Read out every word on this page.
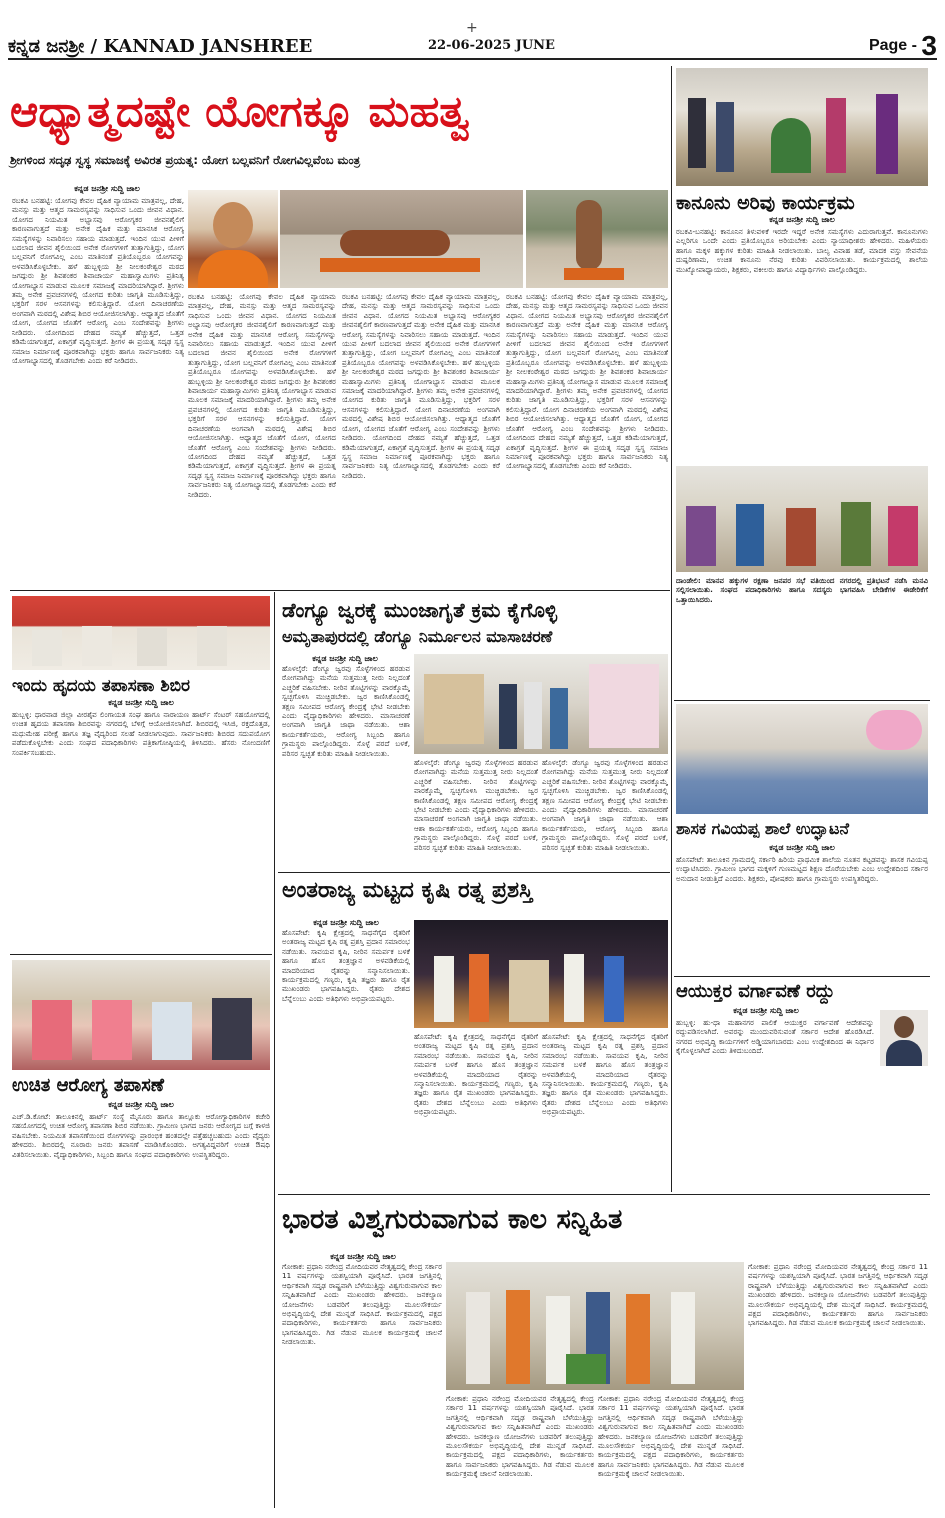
+
ಕನ್ನಡ ಜನಶ್ರೀ / KANNAD JANSHREE	22-06-2025 JUNE	Page - 3
ಆಧ್ಯಾತ್ಮದಷ್ಟೇ ಯೋಗಕ್ಕೂ ಮಹತ್ವ
ಶ್ರೀಗಳಿಂದ ಸದೃಢ ಸ್ವಸ್ಥ ಸಮಾಜಕ್ಕೆ ಅವಿರತ ಪ್ರಯತ್ನ: ಯೋಗ ಬಲ್ಲವನಿಗೆ ರೋಗವಿಲ್ಲವೆಂಬ ಮಂತ್ರ
ಕನ್ನಡ ಜನಶ್ರೀ ಸುದ್ದಿ ಜಾಲ
ರಬಕವಿ ಬನಹಟ್ಟಿ: ಯೋಗವು ಕೇವಲ ದೈಹಿಕ ವ್ಯಾಯಾಮ ಮಾತ್ರವಲ್ಲ, ದೇಹ, ಮನಸ್ಸು ಮತ್ತು ಆತ್ಮದ ಸಾಮರಸ್ಯವನ್ನು ಸಾಧಿಸುವ ಒಂದು ಜೀವನ ವಿಧಾನ. ಯೋಗದ ನಿಯಮಿತ ಅಭ್ಯಾಸವು ಆರೋಗ್ಯಕರ ಜೀವನಶೈಲಿಗೆ ಕಾರಣವಾಗುತ್ತದೆ ಮತ್ತು ಅನೇಕ ದೈಹಿಕ ಮತ್ತು ಮಾನಸಿಕ ಆರೋಗ್ಯ ಸಮಸ್ಯೆಗಳನ್ನು ನಿವಾರಿಸಲು ಸಹಾಯ ಮಾಡುತ್ತದೆ. ಇಂದಿನ ಯುವ ಪೀಳಿಗೆ ಬದಲಾದ ಜೀವನ ಶೈಲಿಯಿಂದ ಅನೇಕ ರೋಗಗಳಿಗೆ ತುತ್ತಾಗುತ್ತಿದ್ದು, ಯೋಗ ಬಲ್ಲವನಿಗೆ ರೋಗವಿಲ್ಲ ಎಂಬ ಮಾತಿನಂತೆ ಪ್ರತಿಯೊಬ್ಬರೂ ಯೋಗವನ್ನು ಅಳವಡಿಸಿಕೊಳ್ಳಬೇಕು. ಹಳೆ ಹುಬ್ಬಳ್ಳಿಯ ಶ್ರೀ ನೀಲಕಂಠೇಶ್ವರ ಮಠದ ಜಗದ್ಗುರು ಶ್ರೀ ಶಿವಶಂಕರ ಶಿವಾಚಾರ್ಯ ಮಹಾಸ್ವಾಮಿಗಳು ಪ್ರತಿನಿತ್ಯ ಯೋಗಾಭ್ಯಾಸ ಮಾಡುವ ಮೂಲಕ ಸಮಾಜಕ್ಕೆ ಮಾದರಿಯಾಗಿದ್ದಾರೆ. ಶ್ರೀಗಳು ತಮ್ಮ ಅನೇಕ ಪ್ರವಚನಗಳಲ್ಲಿ ಯೋಗದ ಕುರಿತು ಜಾಗೃತಿ ಮೂಡಿಸುತ್ತಿದ್ದು, ಭಕ್ತರಿಗೆ ಸರಳ ಆಸನಗಳನ್ನು ಕಲಿಸುತ್ತಿದ್ದಾರೆ. ಯೋಗ ದಿನಾಚರಣೆಯ ಅಂಗವಾಗಿ ಮಠದಲ್ಲಿ ವಿಶೇಷ ಶಿಬಿರ ಆಯೋಜಿಸಲಾಗಿತ್ತು. ಆಧ್ಯಾತ್ಮದ ಜೊತೆಗೆ ಯೋಗ, ಯೋಗದ ಜೊತೆಗೆ ಆರೋಗ್ಯ ಎಂಬ ಸಂದೇಶವನ್ನು ಶ್ರೀಗಳು ನೀಡಿದರು. ಯೋಗದಿಂದ ದೇಹದ ನಮ್ಯತೆ ಹೆಚ್ಚುತ್ತದೆ, ಒತ್ತಡ ಕಡಿಮೆಯಾಗುತ್ತದೆ, ಏಕಾಗ್ರತೆ ವೃದ್ಧಿಸುತ್ತದೆ. ಶ್ರೀಗಳ ಈ ಪ್ರಯತ್ನ ಸದೃಢ ಸ್ವಸ್ಥ ಸಮಾಜ ನಿರ್ಮಾಣಕ್ಕೆ ಪೂರಕವಾಗಿದ್ದು ಭಕ್ತರು ಹಾಗೂ ಸಾರ್ವಜನಿಕರು ನಿತ್ಯ ಯೋಗಾಭ್ಯಾಸದಲ್ಲಿ ತೊಡಗಬೇಕು ಎಂದು ಕರೆ ನೀಡಿದರು.
ರಬಕವಿ ಬನಹಟ್ಟಿ: ಯೋಗವು ಕೇವಲ ದೈಹಿಕ ವ್ಯಾಯಾಮ ಮಾತ್ರವಲ್ಲ, ದೇಹ, ಮನಸ್ಸು ಮತ್ತು ಆತ್ಮದ ಸಾಮರಸ್ಯವನ್ನು ಸಾಧಿಸುವ ಒಂದು ಜೀವನ ವಿಧಾನ. ಯೋಗದ ನಿಯಮಿತ ಅಭ್ಯಾಸವು ಆರೋಗ್ಯಕರ ಜೀವನಶೈಲಿಗೆ ಕಾರಣವಾಗುತ್ತದೆ ಮತ್ತು ಅನೇಕ ದೈಹಿಕ ಮತ್ತು ಮಾನಸಿಕ ಆರೋಗ್ಯ ಸಮಸ್ಯೆಗಳನ್ನು ನಿವಾರಿಸಲು ಸಹಾಯ ಮಾಡುತ್ತದೆ. ಇಂದಿನ ಯುವ ಪೀಳಿಗೆ ಬದಲಾದ ಜೀವನ ಶೈಲಿಯಿಂದ ಅನೇಕ ರೋಗಗಳಿಗೆ ತುತ್ತಾಗುತ್ತಿದ್ದು, ಯೋಗ ಬಲ್ಲವನಿಗೆ ರೋಗವಿಲ್ಲ ಎಂಬ ಮಾತಿನಂತೆ ಪ್ರತಿಯೊಬ್ಬರೂ ಯೋಗವನ್ನು ಅಳವಡಿಸಿಕೊಳ್ಳಬೇಕು. ಹಳೆ ಹುಬ್ಬಳ್ಳಿಯ ಶ್ರೀ ನೀಲಕಂಠೇಶ್ವರ ಮಠದ ಜಗದ್ಗುರು ಶ್ರೀ ಶಿವಶಂಕರ ಶಿವಾಚಾರ್ಯ ಮಹಾಸ್ವಾಮಿಗಳು ಪ್ರತಿನಿತ್ಯ ಯೋಗಾಭ್ಯಾಸ ಮಾಡುವ ಮೂಲಕ ಸಮಾಜಕ್ಕೆ ಮಾದರಿಯಾಗಿದ್ದಾರೆ. ಶ್ರೀಗಳು ತಮ್ಮ ಅನೇಕ ಪ್ರವಚನಗಳಲ್ಲಿ ಯೋಗದ ಕುರಿತು ಜಾಗೃತಿ ಮೂಡಿಸುತ್ತಿದ್ದು, ಭಕ್ತರಿಗೆ ಸರಳ ಆಸನಗಳನ್ನು ಕಲಿಸುತ್ತಿದ್ದಾರೆ. ಯೋಗ ದಿನಾಚರಣೆಯ ಅಂಗವಾಗಿ ಮಠದಲ್ಲಿ ವಿಶೇಷ ಶಿಬಿರ ಆಯೋಜಿಸಲಾಗಿತ್ತು. ಆಧ್ಯಾತ್ಮದ ಜೊತೆಗೆ ಯೋಗ, ಯೋಗದ ಜೊತೆಗೆ ಆರೋಗ್ಯ ಎಂಬ ಸಂದೇಶವನ್ನು ಶ್ರೀಗಳು ನೀಡಿದರು. ಯೋಗದಿಂದ ದೇಹದ ನಮ್ಯತೆ ಹೆಚ್ಚುತ್ತದೆ, ಒತ್ತಡ ಕಡಿಮೆಯಾಗುತ್ತದೆ, ಏಕಾಗ್ರತೆ ವೃದ್ಧಿಸುತ್ತದೆ. ಶ್ರೀಗಳ ಈ ಪ್ರಯತ್ನ ಸದೃಢ ಸ್ವಸ್ಥ ಸಮಾಜ ನಿರ್ಮಾಣಕ್ಕೆ ಪೂರಕವಾಗಿದ್ದು ಭಕ್ತರು ಹಾಗೂ ಸಾರ್ವಜನಿಕರು ನಿತ್ಯ ಯೋಗಾಭ್ಯಾಸದಲ್ಲಿ ತೊಡಗಬೇಕು ಎಂದು ಕರೆ ನೀಡಿದರು.
ರಬಕವಿ ಬನಹಟ್ಟಿ: ಯೋಗವು ಕೇವಲ ದೈಹಿಕ ವ್ಯಾಯಾಮ ಮಾತ್ರವಲ್ಲ, ದೇಹ, ಮನಸ್ಸು ಮತ್ತು ಆತ್ಮದ ಸಾಮರಸ್ಯವನ್ನು ಸಾಧಿಸುವ ಒಂದು ಜೀವನ ವಿಧಾನ. ಯೋಗದ ನಿಯಮಿತ ಅಭ್ಯಾಸವು ಆರೋಗ್ಯಕರ ಜೀವನಶೈಲಿಗೆ ಕಾರಣವಾಗುತ್ತದೆ ಮತ್ತು ಅನೇಕ ದೈಹಿಕ ಮತ್ತು ಮಾನಸಿಕ ಆರೋಗ್ಯ ಸಮಸ್ಯೆಗಳನ್ನು ನಿವಾರಿಸಲು ಸಹಾಯ ಮಾಡುತ್ತದೆ. ಇಂದಿನ ಯುವ ಪೀಳಿಗೆ ಬದಲಾದ ಜೀವನ ಶೈಲಿಯಿಂದ ಅನೇಕ ರೋಗಗಳಿಗೆ ತುತ್ತಾಗುತ್ತಿದ್ದು, ಯೋಗ ಬಲ್ಲವನಿಗೆ ರೋಗವಿಲ್ಲ ಎಂಬ ಮಾತಿನಂತೆ ಪ್ರತಿಯೊಬ್ಬರೂ ಯೋಗವನ್ನು ಅಳವಡಿಸಿಕೊಳ್ಳಬೇಕು. ಹಳೆ ಹುಬ್ಬಳ್ಳಿಯ ಶ್ರೀ ನೀಲಕಂಠೇಶ್ವರ ಮಠದ ಜಗದ್ಗುರು ಶ್ರೀ ಶಿವಶಂಕರ ಶಿವಾಚಾರ್ಯ ಮಹಾಸ್ವಾಮಿಗಳು ಪ್ರತಿನಿತ್ಯ ಯೋಗಾಭ್ಯಾಸ ಮಾಡುವ ಮೂಲಕ ಸಮಾಜಕ್ಕೆ ಮಾದರಿಯಾಗಿದ್ದಾರೆ. ಶ್ರೀಗಳು ತಮ್ಮ ಅನೇಕ ಪ್ರವಚನಗಳಲ್ಲಿ ಯೋಗದ ಕುರಿತು ಜಾಗೃತಿ ಮೂಡಿಸುತ್ತಿದ್ದು, ಭಕ್ತರಿಗೆ ಸರಳ ಆಸನಗಳನ್ನು ಕಲಿಸುತ್ತಿದ್ದಾರೆ. ಯೋಗ ದಿನಾಚರಣೆಯ ಅಂಗವಾಗಿ ಮಠದಲ್ಲಿ ವಿಶೇಷ ಶಿಬಿರ ಆಯೋಜಿಸಲಾಗಿತ್ತು. ಆಧ್ಯಾತ್ಮದ ಜೊತೆಗೆ ಯೋಗ, ಯೋಗದ ಜೊತೆಗೆ ಆರೋಗ್ಯ ಎಂಬ ಸಂದೇಶವನ್ನು ಶ್ರೀಗಳು ನೀಡಿದರು. ಯೋಗದಿಂದ ದೇಹದ ನಮ್ಯತೆ ಹೆಚ್ಚುತ್ತದೆ, ಒತ್ತಡ ಕಡಿಮೆಯಾಗುತ್ತದೆ, ಏಕಾಗ್ರತೆ ವೃದ್ಧಿಸುತ್ತದೆ. ಶ್ರೀಗಳ ಈ ಪ್ರಯತ್ನ ಸದೃಢ ಸ್ವಸ್ಥ ಸಮಾಜ ನಿರ್ಮಾಣಕ್ಕೆ ಪೂರಕವಾಗಿದ್ದು ಭಕ್ತರು ಹಾಗೂ ಸಾರ್ವಜನಿಕರು ನಿತ್ಯ ಯೋಗಾಭ್ಯಾಸದಲ್ಲಿ ತೊಡಗಬೇಕು ಎಂದು ಕರೆ ನೀಡಿದರು.
ರಬಕವಿ ಬನಹಟ್ಟಿ: ಯೋಗವು ಕೇವಲ ದೈಹಿಕ ವ್ಯಾಯಾಮ ಮಾತ್ರವಲ್ಲ, ದೇಹ, ಮನಸ್ಸು ಮತ್ತು ಆತ್ಮದ ಸಾಮರಸ್ಯವನ್ನು ಸಾಧಿಸುವ ಒಂದು ಜೀವನ ವಿಧಾನ. ಯೋಗದ ನಿಯಮಿತ ಅಭ್ಯಾಸವು ಆರೋಗ್ಯಕರ ಜೀವನಶೈಲಿಗೆ ಕಾರಣವಾಗುತ್ತದೆ ಮತ್ತು ಅನೇಕ ದೈಹಿಕ ಮತ್ತು ಮಾನಸಿಕ ಆರೋಗ್ಯ ಸಮಸ್ಯೆಗಳನ್ನು ನಿವಾರಿಸಲು ಸಹಾಯ ಮಾಡುತ್ತದೆ. ಇಂದಿನ ಯುವ ಪೀಳಿಗೆ ಬದಲಾದ ಜೀವನ ಶೈಲಿಯಿಂದ ಅನೇಕ ರೋಗಗಳಿಗೆ ತುತ್ತಾಗುತ್ತಿದ್ದು, ಯೋಗ ಬಲ್ಲವನಿಗೆ ರೋಗವಿಲ್ಲ ಎಂಬ ಮಾತಿನಂತೆ ಪ್ರತಿಯೊಬ್ಬರೂ ಯೋಗವನ್ನು ಅಳವಡಿಸಿಕೊಳ್ಳಬೇಕು. ಹಳೆ ಹುಬ್ಬಳ್ಳಿಯ ಶ್ರೀ ನೀಲಕಂಠೇಶ್ವರ ಮಠದ ಜಗದ್ಗುರು ಶ್ರೀ ಶಿವಶಂಕರ ಶಿವಾಚಾರ್ಯ ಮಹಾಸ್ವಾಮಿಗಳು ಪ್ರತಿನಿತ್ಯ ಯೋಗಾಭ್ಯಾಸ ಮಾಡುವ ಮೂಲಕ ಸಮಾಜಕ್ಕೆ ಮಾದರಿಯಾಗಿದ್ದಾರೆ. ಶ್ರೀಗಳು ತಮ್ಮ ಅನೇಕ ಪ್ರವಚನಗಳಲ್ಲಿ ಯೋಗದ ಕುರಿತು ಜಾಗೃತಿ ಮೂಡಿಸುತ್ತಿದ್ದು, ಭಕ್ತರಿಗೆ ಸರಳ ಆಸನಗಳನ್ನು ಕಲಿಸುತ್ತಿದ್ದಾರೆ. ಯೋಗ ದಿನಾಚರಣೆಯ ಅಂಗವಾಗಿ ಮಠದಲ್ಲಿ ವಿಶೇಷ ಶಿಬಿರ ಆಯೋಜಿಸಲಾಗಿತ್ತು. ಆಧ್ಯಾತ್ಮದ ಜೊತೆಗೆ ಯೋಗ, ಯೋಗದ ಜೊತೆಗೆ ಆರೋಗ್ಯ ಎಂಬ ಸಂದೇಶವನ್ನು ಶ್ರೀಗಳು ನೀಡಿದರು. ಯೋಗದಿಂದ ದೇಹದ ನಮ್ಯತೆ ಹೆಚ್ಚುತ್ತದೆ, ಒತ್ತಡ ಕಡಿಮೆಯಾಗುತ್ತದೆ, ಏಕಾಗ್ರತೆ ವೃದ್ಧಿಸುತ್ತದೆ. ಶ್ರೀಗಳ ಈ ಪ್ರಯತ್ನ ಸದೃಢ ಸ್ವಸ್ಥ ಸಮಾಜ ನಿರ್ಮಾಣಕ್ಕೆ ಪೂರಕವಾಗಿದ್ದು ಭಕ್ತರು ಹಾಗೂ ಸಾರ್ವಜನಿಕರು ನಿತ್ಯ ಯೋಗಾಭ್ಯಾಸದಲ್ಲಿ ತೊಡಗಬೇಕು ಎಂದು ಕರೆ ನೀಡಿದರು.
ಕಾನೂನು ಅರಿವು ಕಾರ್ಯಕ್ರಮ
ಕನ್ನಡ ಜನಶ್ರೀ ಸುದ್ದಿ ಜಾಲ
ರಬಕವಿ-ಬನಹಟ್ಟಿ: ಕಾನೂನಿನ ತಿಳುವಳಿಕೆ ಇರದೇ ಇದ್ದರೆ ಅನೇಕ ಸಮಸ್ಯೆಗಳು ಎದುರಾಗುತ್ತವೆ. ಕಾನೂನುಗಳು ಎಲ್ಲರಿಗೂ ಒಂದೇ ಎಂದು ಪ್ರತಿಯೊಬ್ಬರೂ ಅರಿಯಬೇಕು ಎಂದು ನ್ಯಾಯಾಧೀಶರು ಹೇಳಿದರು. ಮಹಿಳೆಯರು ಹಾಗೂ ಮಕ್ಕಳ ಹಕ್ಕುಗಳ ಕುರಿತು ಮಾಹಿತಿ ನೀಡಲಾಯಿತು. ಬಾಲ್ಯ ವಿವಾಹ ತಡೆ, ಮಾದಕ ವಸ್ತು ಸೇವನೆಯ ದುಷ್ಪರಿಣಾಮ, ಉಚಿತ ಕಾನೂನು ನೆರವು ಕುರಿತು ವಿವರಿಸಲಾಯಿತು. ಕಾರ್ಯಕ್ರಮದಲ್ಲಿ ಶಾಲೆಯ ಮುಖ್ಯೋಪಾಧ್ಯಾಯರು, ಶಿಕ್ಷಕರು, ವಕೀಲರು ಹಾಗೂ ವಿದ್ಯಾರ್ಥಿಗಳು ಪಾಲ್ಗೊಂಡಿದ್ದರು.
ದಾಂಡೇಲಿ: ಮಾನವ ಹಕ್ಕುಗಳ ರಕ್ಷಣಾ ಜನಪರ ಸಭೆ ವತಿಯಿಂದ ನಗರದಲ್ಲಿ ಪ್ರತಿಭಟನೆ ನಡೆಸಿ ಮನವಿ ಸಲ್ಲಿಸಲಾಯಿತು. ಸಂಘದ ಪದಾಧಿಕಾರಿಗಳು ಹಾಗೂ ಸದಸ್ಯರು ಭಾಗವಹಿಸಿ ಬೇಡಿಕೆಗಳ ಈಡೇರಿಕೆಗೆ ಒತ್ತಾಯಿಸಿದರು.
ಇಂದು ಹೃದಯ ತಪಾಸಣಾ ಶಿಬಿರ
ಕನ್ನಡ ಜನಶ್ರೀ ಸುದ್ದಿ ಜಾಲ
ಹುಬ್ಬಳ್ಳಿ: ಧಾರವಾಡ ಜಿಲ್ಲಾ ವೀರಶೈವ ಲಿಂಗಾಯತ ಸಂಘ ಹಾಗೂ ನಾರಾಯಣ ಹಾರ್ಟ್ ಸೆಂಟರ್ ಸಹಯೋಗದಲ್ಲಿ ಉಚಿತ ಹೃದಯ ತಪಾಸಣಾ ಶಿಬಿರವನ್ನು ನಗರದಲ್ಲಿ ಬೆಳಿಗ್ಗೆ ಆಯೋಜಿಸಲಾಗಿದೆ. ಶಿಬಿರದಲ್ಲಿ ಇಸಿಜಿ, ರಕ್ತದೊತ್ತಡ, ಮಧುಮೇಹ ಪರೀಕ್ಷೆ ಹಾಗೂ ತಜ್ಞ ವೈದ್ಯರಿಂದ ಸಲಹೆ ನೀಡಲಾಗುವುದು. ಸಾರ್ವಜನಿಕರು ಶಿಬಿರದ ಸದುಪಯೋಗ ಪಡೆದುಕೊಳ್ಳಬೇಕು ಎಂದು ಸಂಘದ ಪದಾಧಿಕಾರಿಗಳು ಪತ್ರಿಕಾಗೋಷ್ಠಿಯಲ್ಲಿ ತಿಳಿಸಿದರು. ಹೆಸರು ನೋಂದಣಿಗೆ ಸಂಪರ್ಕಿಸಬಹುದು.
ಡೆಂಗ್ಯೂ ಜ್ವರಕ್ಕೆ ಮುಂಜಾಗೃತೆ ಕ್ರಮ ಕೈಗೊಳ್ಳಿ
ಅಮೃತಾಪುರದಲ್ಲಿ ಡೆಂಗ್ಯೂ ನಿರ್ಮೂಲನ ಮಾಸಾಚರಣೆ
ಕನ್ನಡ ಜನಶ್ರೀ ಸುದ್ದಿ ಜಾಲ
ಹೊಳಲ್ಕೆರೆ: ಡೆಂಗ್ಯೂ ಜ್ವರವು ಸೊಳ್ಳೆಗಳಿಂದ ಹರಡುವ ರೋಗವಾಗಿದ್ದು ಮನೆಯ ಸುತ್ತಮುತ್ತ ನೀರು ನಿಲ್ಲದಂತೆ ಎಚ್ಚರಿಕೆ ವಹಿಸಬೇಕು. ನೀರಿನ ತೊಟ್ಟಿಗಳನ್ನು ವಾರಕ್ಕೊಮ್ಮೆ ಸ್ವಚ್ಛಗೊಳಿಸಿ ಮುಚ್ಚಿಡಬೇಕು. ಜ್ವರ ಕಾಣಿಸಿಕೊಂಡಲ್ಲಿ ತಕ್ಷಣ ಸಮೀಪದ ಆರೋಗ್ಯ ಕೇಂದ್ರಕ್ಕೆ ಭೇಟಿ ನೀಡಬೇಕು ಎಂದು ವೈದ್ಯಾಧಿಕಾರಿಗಳು ಹೇಳಿದರು. ಮಾಸಾಚರಣೆ ಅಂಗವಾಗಿ ಜಾಗೃತಿ ಜಾಥಾ ನಡೆಯಿತು. ಆಶಾ ಕಾರ್ಯಕರ್ತೆಯರು, ಆರೋಗ್ಯ ಸಿಬ್ಬಂದಿ ಹಾಗೂ ಗ್ರಾಮಸ್ಥರು ಪಾಲ್ಗೊಂಡಿದ್ದರು. ಸೊಳ್ಳೆ ಪರದೆ ಬಳಕೆ, ಪರಿಸರ ಸ್ವಚ್ಛತೆ ಕುರಿತು ಮಾಹಿತಿ ನೀಡಲಾಯಿತು.
ಹೊಳಲ್ಕೆರೆ: ಡೆಂಗ್ಯೂ ಜ್ವರವು ಸೊಳ್ಳೆಗಳಿಂದ ಹರಡುವ ರೋಗವಾಗಿದ್ದು ಮನೆಯ ಸುತ್ತಮುತ್ತ ನೀರು ನಿಲ್ಲದಂತೆ ಎಚ್ಚರಿಕೆ ವಹಿಸಬೇಕು. ನೀರಿನ ತೊಟ್ಟಿಗಳನ್ನು ವಾರಕ್ಕೊಮ್ಮೆ ಸ್ವಚ್ಛಗೊಳಿಸಿ ಮುಚ್ಚಿಡಬೇಕು. ಜ್ವರ ಕಾಣಿಸಿಕೊಂಡಲ್ಲಿ ತಕ್ಷಣ ಸಮೀಪದ ಆರೋಗ್ಯ ಕೇಂದ್ರಕ್ಕೆ ಭೇಟಿ ನೀಡಬೇಕು ಎಂದು ವೈದ್ಯಾಧಿಕಾರಿಗಳು ಹೇಳಿದರು. ಮಾಸಾಚರಣೆ ಅಂಗವಾಗಿ ಜಾಗೃತಿ ಜಾಥಾ ನಡೆಯಿತು. ಆಶಾ ಕಾರ್ಯಕರ್ತೆಯರು, ಆರೋಗ್ಯ ಸಿಬ್ಬಂದಿ ಹಾಗೂ ಗ್ರಾಮಸ್ಥರು ಪಾಲ್ಗೊಂಡಿದ್ದರು. ಸೊಳ್ಳೆ ಪರದೆ ಬಳಕೆ, ಪರಿಸರ ಸ್ವಚ್ಛತೆ ಕುರಿತು ಮಾಹಿತಿ ನೀಡಲಾಯಿತು.
ಹೊಳಲ್ಕೆರೆ: ಡೆಂಗ್ಯೂ ಜ್ವರವು ಸೊಳ್ಳೆಗಳಿಂದ ಹರಡುವ ರೋಗವಾಗಿದ್ದು ಮನೆಯ ಸುತ್ತಮುತ್ತ ನೀರು ನಿಲ್ಲದಂತೆ ಎಚ್ಚರಿಕೆ ವಹಿಸಬೇಕು. ನೀರಿನ ತೊಟ್ಟಿಗಳನ್ನು ವಾರಕ್ಕೊಮ್ಮೆ ಸ್ವಚ್ಛಗೊಳಿಸಿ ಮುಚ್ಚಿಡಬೇಕು. ಜ್ವರ ಕಾಣಿಸಿಕೊಂಡಲ್ಲಿ ತಕ್ಷಣ ಸಮೀಪದ ಆರೋಗ್ಯ ಕೇಂದ್ರಕ್ಕೆ ಭೇಟಿ ನೀಡಬೇಕು ಎಂದು ವೈದ್ಯಾಧಿಕಾರಿಗಳು ಹೇಳಿದರು. ಮಾಸಾಚರಣೆ ಅಂಗವಾಗಿ ಜಾಗೃತಿ ಜಾಥಾ ನಡೆಯಿತು. ಆಶಾ ಕಾರ್ಯಕರ್ತೆಯರು, ಆರೋಗ್ಯ ಸಿಬ್ಬಂದಿ ಹಾಗೂ ಗ್ರಾಮಸ್ಥರು ಪಾಲ್ಗೊಂಡಿದ್ದರು. ಸೊಳ್ಳೆ ಪರದೆ ಬಳಕೆ, ಪರಿಸರ ಸ್ವಚ್ಛತೆ ಕುರಿತು ಮಾಹಿತಿ ನೀಡಲಾಯಿತು.
ಶಾಸಕ ಗವಿಯಪ್ಪ ಶಾಲೆ ಉದ್ಘಾಟನೆ
ಕನ್ನಡ ಜನಶ್ರೀ ಸುದ್ದಿ ಜಾಲ
ಹೊಸಪೇಟೆ: ತಾಲೂಕಿನ ಗ್ರಾಮದಲ್ಲಿ ಸರ್ಕಾರಿ ಹಿರಿಯ ಪ್ರಾಥಮಿಕ ಶಾಲೆಯ ನೂತನ ಕಟ್ಟಡವನ್ನು ಶಾಸಕ ಗವಿಯಪ್ಪ ಉದ್ಘಾಟಿಸಿದರು. ಗ್ರಾಮೀಣ ಭಾಗದ ಮಕ್ಕಳಿಗೆ ಗುಣಮಟ್ಟದ ಶಿಕ್ಷಣ ದೊರೆಯಬೇಕು ಎಂಬ ಉದ್ದೇಶದಿಂದ ಸರ್ಕಾರ ಅನುದಾನ ನೀಡುತ್ತಿದೆ ಎಂದರು. ಶಿಕ್ಷಕರು, ಪೋಷಕರು ಹಾಗೂ ಗ್ರಾಮಸ್ಥರು ಉಪಸ್ಥಿತರಿದ್ದರು.
ಅಂತರಾಜ್ಯ ಮಟ್ಟದ ಕೃಷಿ ರತ್ನ ಪ್ರಶಸ್ತಿ
ಕನ್ನಡ ಜನಶ್ರೀ ಸುದ್ದಿ ಜಾಲ
ಹೊಸಪೇಟೆ: ಕೃಷಿ ಕ್ಷೇತ್ರದಲ್ಲಿ ಸಾಧನೆಗೈದ ರೈತರಿಗೆ ಅಂತರಾಜ್ಯ ಮಟ್ಟದ ಕೃಷಿ ರತ್ನ ಪ್ರಶಸ್ತಿ ಪ್ರದಾನ ಸಮಾರಂಭ ನಡೆಯಿತು. ಸಾವಯವ ಕೃಷಿ, ನೀರಿನ ಸಮರ್ಪಕ ಬಳಕೆ ಹಾಗೂ ಹೊಸ ತಂತ್ರಜ್ಞಾನ ಅಳವಡಿಕೆಯಲ್ಲಿ ಮಾದರಿಯಾದ ರೈತರನ್ನು ಸನ್ಮಾನಿಸಲಾಯಿತು. ಕಾರ್ಯಕ್ರಮದಲ್ಲಿ ಗಣ್ಯರು, ಕೃಷಿ ತಜ್ಞರು ಹಾಗೂ ರೈತ ಮುಖಂಡರು ಭಾಗವಹಿಸಿದ್ದರು. ರೈತರು ದೇಶದ ಬೆನ್ನೆಲುಬು ಎಂದು ಅತಿಥಿಗಳು ಅಭಿಪ್ರಾಯಪಟ್ಟರು.
ಹೊಸಪೇಟೆ: ಕೃಷಿ ಕ್ಷೇತ್ರದಲ್ಲಿ ಸಾಧನೆಗೈದ ರೈತರಿಗೆ ಅಂತರಾಜ್ಯ ಮಟ್ಟದ ಕೃಷಿ ರತ್ನ ಪ್ರಶಸ್ತಿ ಪ್ರದಾನ ಸಮಾರಂಭ ನಡೆಯಿತು. ಸಾವಯವ ಕೃಷಿ, ನೀರಿನ ಸಮರ್ಪಕ ಬಳಕೆ ಹಾಗೂ ಹೊಸ ತಂತ್ರಜ್ಞಾನ ಅಳವಡಿಕೆಯಲ್ಲಿ ಮಾದರಿಯಾದ ರೈತರನ್ನು ಸನ್ಮಾನಿಸಲಾಯಿತು. ಕಾರ್ಯಕ್ರಮದಲ್ಲಿ ಗಣ್ಯರು, ಕೃಷಿ ತಜ್ಞರು ಹಾಗೂ ರೈತ ಮುಖಂಡರು ಭಾಗವಹಿಸಿದ್ದರು. ರೈತರು ದೇಶದ ಬೆನ್ನೆಲುಬು ಎಂದು ಅತಿಥಿಗಳು ಅಭಿಪ್ರಾಯಪಟ್ಟರು.
ಹೊಸಪೇಟೆ: ಕೃಷಿ ಕ್ಷೇತ್ರದಲ್ಲಿ ಸಾಧನೆಗೈದ ರೈತರಿಗೆ ಅಂತರಾಜ್ಯ ಮಟ್ಟದ ಕೃಷಿ ರತ್ನ ಪ್ರಶಸ್ತಿ ಪ್ರದಾನ ಸಮಾರಂಭ ನಡೆಯಿತು. ಸಾವಯವ ಕೃಷಿ, ನೀರಿನ ಸಮರ್ಪಕ ಬಳಕೆ ಹಾಗೂ ಹೊಸ ತಂತ್ರಜ್ಞಾನ ಅಳವಡಿಕೆಯಲ್ಲಿ ಮಾದರಿಯಾದ ರೈತರನ್ನು ಸನ್ಮಾನಿಸಲಾಯಿತು. ಕಾರ್ಯಕ್ರಮದಲ್ಲಿ ಗಣ್ಯರು, ಕೃಷಿ ತಜ್ಞರು ಹಾಗೂ ರೈತ ಮುಖಂಡರು ಭಾಗವಹಿಸಿದ್ದರು. ರೈತರು ದೇಶದ ಬೆನ್ನೆಲುಬು ಎಂದು ಅತಿಥಿಗಳು ಅಭಿಪ್ರಾಯಪಟ್ಟರು.
ಉಚಿತ ಆರೋಗ್ಯ ತಪಾಸಣೆ
ಕನ್ನಡ ಜನಶ್ರೀ ಸುದ್ದಿ ಜಾಲ
ಎಚ್.ಡಿ.ಕೋಟೆ: ತಾಲೂಕಿನಲ್ಲಿ ಹಾರ್ಟ್ ಸಂಸ್ಥೆ ಮೈಸೂರು ಹಾಗೂ ತಾಲ್ಲೂಕು ಆರೋಗ್ಯಾಧಿಕಾರಿಗಳ ಕಚೇರಿ ಸಹಯೋಗದಲ್ಲಿ ಉಚಿತ ಆರೋಗ್ಯ ತಪಾಸಣಾ ಶಿಬಿರ ನಡೆಯಿತು. ಗ್ರಾಮೀಣ ಭಾಗದ ಜನರು ಆರೋಗ್ಯದ ಬಗ್ಗೆ ಕಾಳಜಿ ವಹಿಸಬೇಕು. ನಿಯಮಿತ ತಪಾಸಣೆಯಿಂದ ರೋಗಗಳನ್ನು ಪ್ರಾರಂಭಿಕ ಹಂತದಲ್ಲೇ ಪತ್ತೆಹಚ್ಚಬಹುದು ಎಂದು ವೈದ್ಯರು ಹೇಳಿದರು. ಶಿಬಿರದಲ್ಲಿ ನೂರಾರು ಜನರು ತಪಾಸಣೆ ಮಾಡಿಸಿಕೊಂಡರು. ಅಗತ್ಯವಿದ್ದವರಿಗೆ ಉಚಿತ ಔಷಧಿ ವಿತರಿಸಲಾಯಿತು. ವೈದ್ಯಾಧಿಕಾರಿಗಳು, ಸಿಬ್ಬಂದಿ ಹಾಗೂ ಸಂಘದ ಪದಾಧಿಕಾರಿಗಳು ಉಪಸ್ಥಿತರಿದ್ದರು.
ಆಯುಕ್ತರ ವರ್ಗಾವಣೆ ರದ್ದು
ಕನ್ನಡ ಜನಶ್ರೀ ಸುದ್ದಿ ಜಾಲ
ಹುಬ್ಬಳ್ಳಿ: ಹು-ಧಾ ಮಹಾನಗರ ಪಾಲಿಕೆ ಆಯುಕ್ತರ ವರ್ಗಾವಣೆ ಆದೇಶವನ್ನು ರದ್ದುಪಡಿಸಲಾಗಿದೆ. ಅವರನ್ನು ಮುಂದುವರಿಸುವಂತೆ ಸರ್ಕಾರ ಆದೇಶ ಹೊರಡಿಸಿದೆ. ನಗರದ ಅಭಿವೃದ್ಧಿ ಕಾರ್ಯಗಳಿಗೆ ಅಡ್ಡಿಯಾಗಬಾರದು ಎಂಬ ಉದ್ದೇಶದಿಂದ ಈ ನಿರ್ಧಾರ ಕೈಗೊಳ್ಳಲಾಗಿದೆ ಎಂದು ತಿಳಿದುಬಂದಿದೆ.
ಭಾರತ ವಿಶ್ವಗುರುವಾಗುವ ಕಾಲ ಸನ್ನಿಹಿತ
ಕನ್ನಡ ಜನಶ್ರೀ ಸುದ್ದಿ ಜಾಲ
ಗೋಕಾಕ: ಪ್ರಧಾನಿ ನರೇಂದ್ರ ಮೋದಿಯವರ ನೇತೃತ್ವದಲ್ಲಿ ಕೇಂದ್ರ ಸರ್ಕಾರ 11 ವರ್ಷಗಳನ್ನು ಯಶಸ್ವಿಯಾಗಿ ಪೂರೈಸಿದೆ. ಭಾರತ ಜಗತ್ತಿನಲ್ಲಿ ಆರ್ಥಿಕವಾಗಿ ಸದೃಢ ರಾಷ್ಟ್ರವಾಗಿ ಬೆಳೆಯುತ್ತಿದ್ದು ವಿಶ್ವಗುರುವಾಗುವ ಕಾಲ ಸನ್ನಿಹಿತವಾಗಿದೆ ಎಂದು ಮುಖಂಡರು ಹೇಳಿದರು. ಜನಕಲ್ಯಾಣ ಯೋಜನೆಗಳು ಬಡವರಿಗೆ ತಲುಪುತ್ತಿದ್ದು ಮೂಲಸೌಕರ್ಯ ಅಭಿವೃದ್ಧಿಯಲ್ಲಿ ದೇಶ ಮುನ್ನಡೆ ಸಾಧಿಸಿದೆ. ಕಾರ್ಯಕ್ರಮದಲ್ಲಿ ಪಕ್ಷದ ಪದಾಧಿಕಾರಿಗಳು, ಕಾರ್ಯಕರ್ತರು ಹಾಗೂ ಸಾರ್ವಜನಿಕರು ಭಾಗವಹಿಸಿದ್ದರು. ಗಿಡ ನೆಡುವ ಮೂಲಕ ಕಾರ್ಯಕ್ರಮಕ್ಕೆ ಚಾಲನೆ ನೀಡಲಾಯಿತು.
ಗೋಕಾಕ: ಪ್ರಧಾನಿ ನರೇಂದ್ರ ಮೋದಿಯವರ ನೇತೃತ್ವದಲ್ಲಿ ಕೇಂದ್ರ ಸರ್ಕಾರ 11 ವರ್ಷಗಳನ್ನು ಯಶಸ್ವಿಯಾಗಿ ಪೂರೈಸಿದೆ. ಭಾರತ ಜಗತ್ತಿನಲ್ಲಿ ಆರ್ಥಿಕವಾಗಿ ಸದೃಢ ರಾಷ್ಟ್ರವಾಗಿ ಬೆಳೆಯುತ್ತಿದ್ದು ವಿಶ್ವಗುರುವಾಗುವ ಕಾಲ ಸನ್ನಿಹಿತವಾಗಿದೆ ಎಂದು ಮುಖಂಡರು ಹೇಳಿದರು. ಜನಕಲ್ಯಾಣ ಯೋಜನೆಗಳು ಬಡವರಿಗೆ ತಲುಪುತ್ತಿದ್ದು ಮೂಲಸೌಕರ್ಯ ಅಭಿವೃದ್ಧಿಯಲ್ಲಿ ದೇಶ ಮುನ್ನಡೆ ಸಾಧಿಸಿದೆ. ಕಾರ್ಯಕ್ರಮದಲ್ಲಿ ಪಕ್ಷದ ಪದಾಧಿಕಾರಿಗಳು, ಕಾರ್ಯಕರ್ತರು ಹಾಗೂ ಸಾರ್ವಜನಿಕರು ಭಾಗವಹಿಸಿದ್ದರು. ಗಿಡ ನೆಡುವ ಮೂಲಕ ಕಾರ್ಯಕ್ರಮಕ್ಕೆ ಚಾಲನೆ ನೀಡಲಾಯಿತು.
ಗೋಕಾಕ: ಪ್ರಧಾನಿ ನರೇಂದ್ರ ಮೋದಿಯವರ ನೇತೃತ್ವದಲ್ಲಿ ಕೇಂದ್ರ ಸರ್ಕಾರ 11 ವರ್ಷಗಳನ್ನು ಯಶಸ್ವಿಯಾಗಿ ಪೂರೈಸಿದೆ. ಭಾರತ ಜಗತ್ತಿನಲ್ಲಿ ಆರ್ಥಿಕವಾಗಿ ಸದೃಢ ರಾಷ್ಟ್ರವಾಗಿ ಬೆಳೆಯುತ್ತಿದ್ದು ವಿಶ್ವಗುರುವಾಗುವ ಕಾಲ ಸನ್ನಿಹಿತವಾಗಿದೆ ಎಂದು ಮುಖಂಡರು ಹೇಳಿದರು. ಜನಕಲ್ಯಾಣ ಯೋಜನೆಗಳು ಬಡವರಿಗೆ ತಲುಪುತ್ತಿದ್ದು ಮೂಲಸೌಕರ್ಯ ಅಭಿವೃದ್ಧಿಯಲ್ಲಿ ದೇಶ ಮುನ್ನಡೆ ಸಾಧಿಸಿದೆ. ಕಾರ್ಯಕ್ರಮದಲ್ಲಿ ಪಕ್ಷದ ಪದಾಧಿಕಾರಿಗಳು, ಕಾರ್ಯಕರ್ತರು ಹಾಗೂ ಸಾರ್ವಜನಿಕರು ಭಾಗವಹಿಸಿದ್ದರು. ಗಿಡ ನೆಡುವ ಮೂಲಕ ಕಾರ್ಯಕ್ರಮಕ್ಕೆ ಚಾಲನೆ ನೀಡಲಾಯಿತು.
ಗೋಕಾಕ: ಪ್ರಧಾನಿ ನರೇಂದ್ರ ಮೋದಿಯವರ ನೇತೃತ್ವದಲ್ಲಿ ಕೇಂದ್ರ ಸರ್ಕಾರ 11 ವರ್ಷಗಳನ್ನು ಯಶಸ್ವಿಯಾಗಿ ಪೂರೈಸಿದೆ. ಭಾರತ ಜಗತ್ತಿನಲ್ಲಿ ಆರ್ಥಿಕವಾಗಿ ಸದೃಢ ರಾಷ್ಟ್ರವಾಗಿ ಬೆಳೆಯುತ್ತಿದ್ದು ವಿಶ್ವಗುರುವಾಗುವ ಕಾಲ ಸನ್ನಿಹಿತವಾಗಿದೆ ಎಂದು ಮುಖಂಡರು ಹೇಳಿದರು. ಜನಕಲ್ಯಾಣ ಯೋಜನೆಗಳು ಬಡವರಿಗೆ ತಲುಪುತ್ತಿದ್ದು ಮೂಲಸೌಕರ್ಯ ಅಭಿವೃದ್ಧಿಯಲ್ಲಿ ದೇಶ ಮುನ್ನಡೆ ಸಾಧಿಸಿದೆ. ಕಾರ್ಯಕ್ರಮದಲ್ಲಿ ಪಕ್ಷದ ಪದಾಧಿಕಾರಿಗಳು, ಕಾರ್ಯಕರ್ತರು ಹಾಗೂ ಸಾರ್ವಜನಿಕರು ಭಾಗವಹಿಸಿದ್ದರು. ಗಿಡ ನೆಡುವ ಮೂಲಕ ಕಾರ್ಯಕ್ರಮಕ್ಕೆ ಚಾಲನೆ ನೀಡಲಾಯಿತು.
